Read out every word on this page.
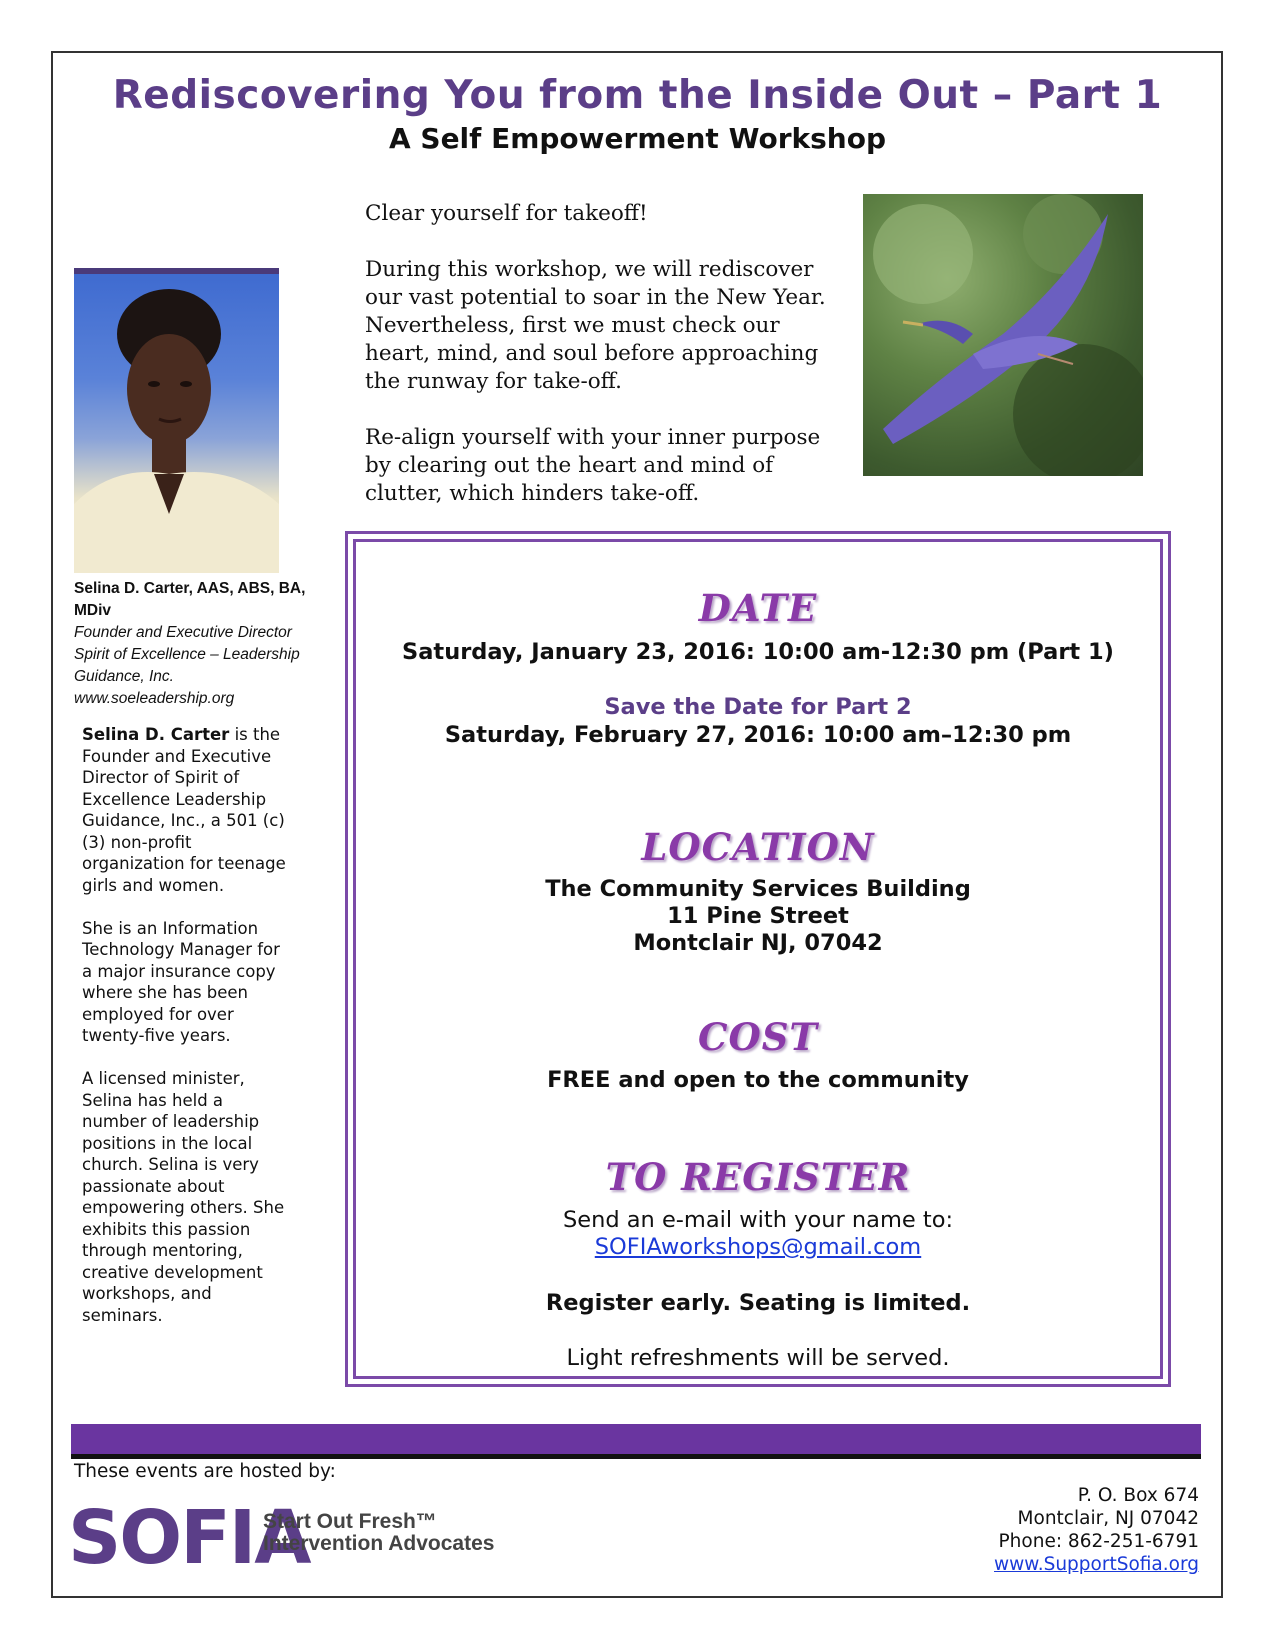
Rediscovering You from the Inside Out – Part 1
A Self Empowerment Workshop

Clear yourself for takeoff!

During this workshop, we will rediscover our vast potential to soar in the New Year. Nevertheless, first we must check our heart, mind, and soul before approaching the runway for take-off.

Re-align yourself with your inner purpose by clearing out the heart and mind of clutter, which hinders take-off.

Selina D. Carter, AAS, ABS, BA, MDiv
Founder and Executive Director
Spirit of Excellence – Leadership Guidance, Inc.
www.soeleadership.org

Selina D. Carter is the Founder and Executive Director of Spirit of Excellence Leadership Guidance, Inc., a 501 (c)(3) non-profit organization for teenage girls and women.

She is an Information Technology Manager for a major insurance copy where she has been employed for over twenty-five years.

A licensed minister, Selina has held a number of leadership positions in the local church. Selina is very passionate about empowering others. She exhibits this passion through mentoring, creative development workshops, and seminars.

DATE
Saturday, January 23, 2016: 10:00 am-12:30 pm (Part 1)
Save the Date for Part 2
Saturday, February 27, 2016: 10:00 am–12:30 pm
LOCATION
The Community Services Building
11 Pine Street
Montclair NJ, 07042
COST
FREE and open to the community
TO REGISTER
Send an e-mail with your name to:
SOFIAworkshops@gmail.com
Register early. Seating is limited.
Light refreshments will be served.
These events are hosted by:
SOFIA
Start Out Fresh™
Intervention Advocates
P. O. Box 674
Montclair, NJ 07042
Phone: 862-251-6791
www.SupportSofia.org
